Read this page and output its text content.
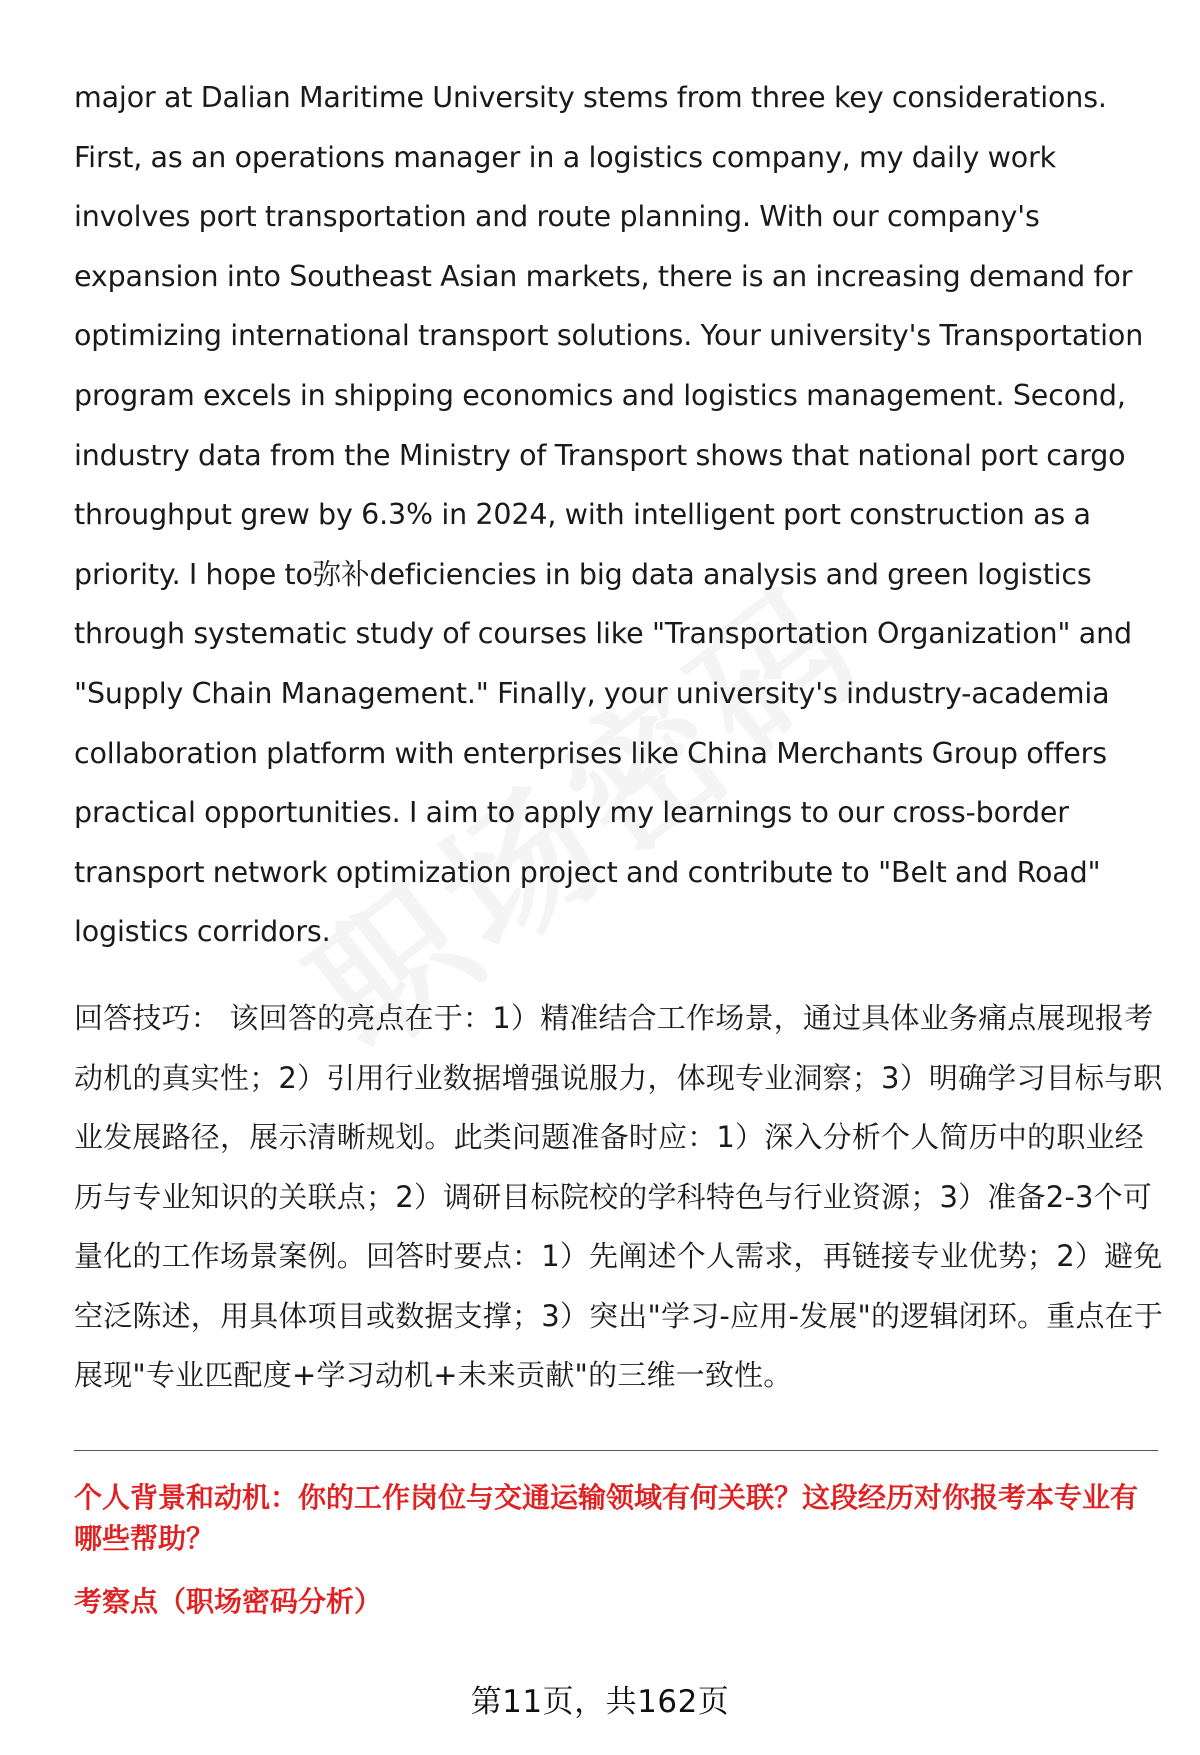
major at Dalian Maritime University stems from three key considerations. First, as an operations manager in a logistics company, my daily work involves port transportation and route planning. With our company's expansion into Southeast Asian markets, there is an increasing demand for optimizing international transport solutions. Your university's Transportation program excels in shipping economics and logistics management. Second, industry data from the Ministry of Transport shows that national port cargo throughput grew by 6.3% in 2024, with intelligent port construction as a priority. I hope to弥补deficiencies in big data analysis and green logistics through systematic study of courses like "Transportation Organization" and "Supply Chain Management." Finally, your university's industry-academia collaboration platform with enterprises like China Merchants Group offers practical opportunities. I aim to apply my learnings to our cross-border transport network optimization project and contribute to "Belt and Road" logistics corridors.

回答技巧： 该回答的亮点在于：1）精准结合工作场景，通过具体业务痛点展现报考动机的真实性；2）引用行业数据增强说服力，体现专业洞察；3）明确学习目标与职业发展路径，展示清晰规划。此类问题准备时应：1）深入分析个人简历中的职业经历与专业知识的关联点；2）调研目标院校的学科特色与行业资源；3）准备2-3个可量化的工作场景案例。回答时要点：1）先阐述个人需求，再链接专业优势；2）避免空泛陈述，用具体项目或数据支撑；3）突出"学习-应用-发展"的逻辑闭环。重点在于展现"专业匹配度+学习动机+未来贡献"的三维一致性。

个人背景和动机：你的工作岗位与交通运输领域有何关联？这段经历对你报考本专业有哪些帮助？
考察点（职场密码分析）
第11页，共162页
